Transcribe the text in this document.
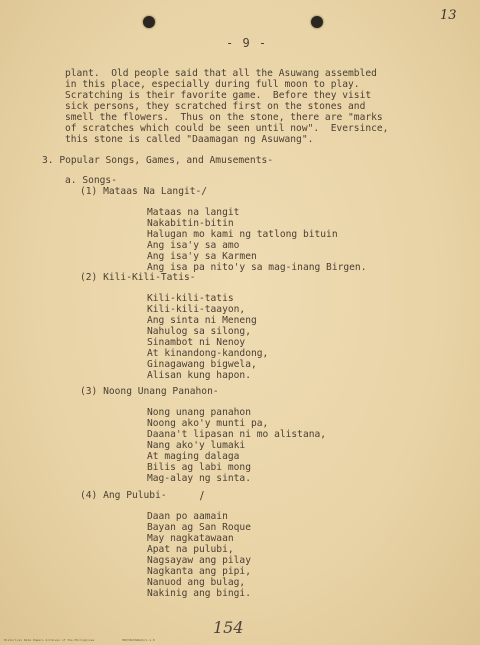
13
- 9 -
plant.  Old people said that all the Asuwang assembled
in this place, especially during full moon to play.
Scratching is their favorite game.  Before they visit
sick persons, they scratched first on the stones and
smell the flowers.  Thus on the stone, there are "marks
of scratches which could be seen until now".  Eversince,
this stone is called "Daamagan ng Asuwang".
3. Popular Songs, Games, and Amusements-
a. Songs-
(1) Mataas Na Langit-/
Mataas na langit
Nakabitin-bitin
Halugan mo kami ng tatlong bituin
Ang isa'y sa amo
Ang isa'y sa Karmen
Ang isa pa nito'y sa mag-inang Birgen.
(2) Kili-Kili-Tatis-
Kili-kili-tatis
Kili-kili-taayon,
Ang sinta ni Meneng
Nahulog sa silong,
Sinambot ni Nenoy
At kinandong-kandong,
Ginagawang bigwela,
Alisan kung hapon.
(3) Noong Unang Panahon-
Nong unang panahon
Noong ako'y munti pa,
Daana't lipasan ni mo alistana,
Nang ako'y lumaki
At maging dalaga
Bilis ag labi mong
Mag-alay ng sinta.
(4) Ang Pulubi-	/
Daan po aamain
Bayan ag San Roque
May nagkatawaan
Apat na pulubi,
Nagsayaw ang pilay
Nagkanta ang pipi,
Nanuod ang bulag,
Nakinig ang bingi.
154
Historical Data Papers Archives of the Philippines	HDP/BATANGAS/1.1.0
